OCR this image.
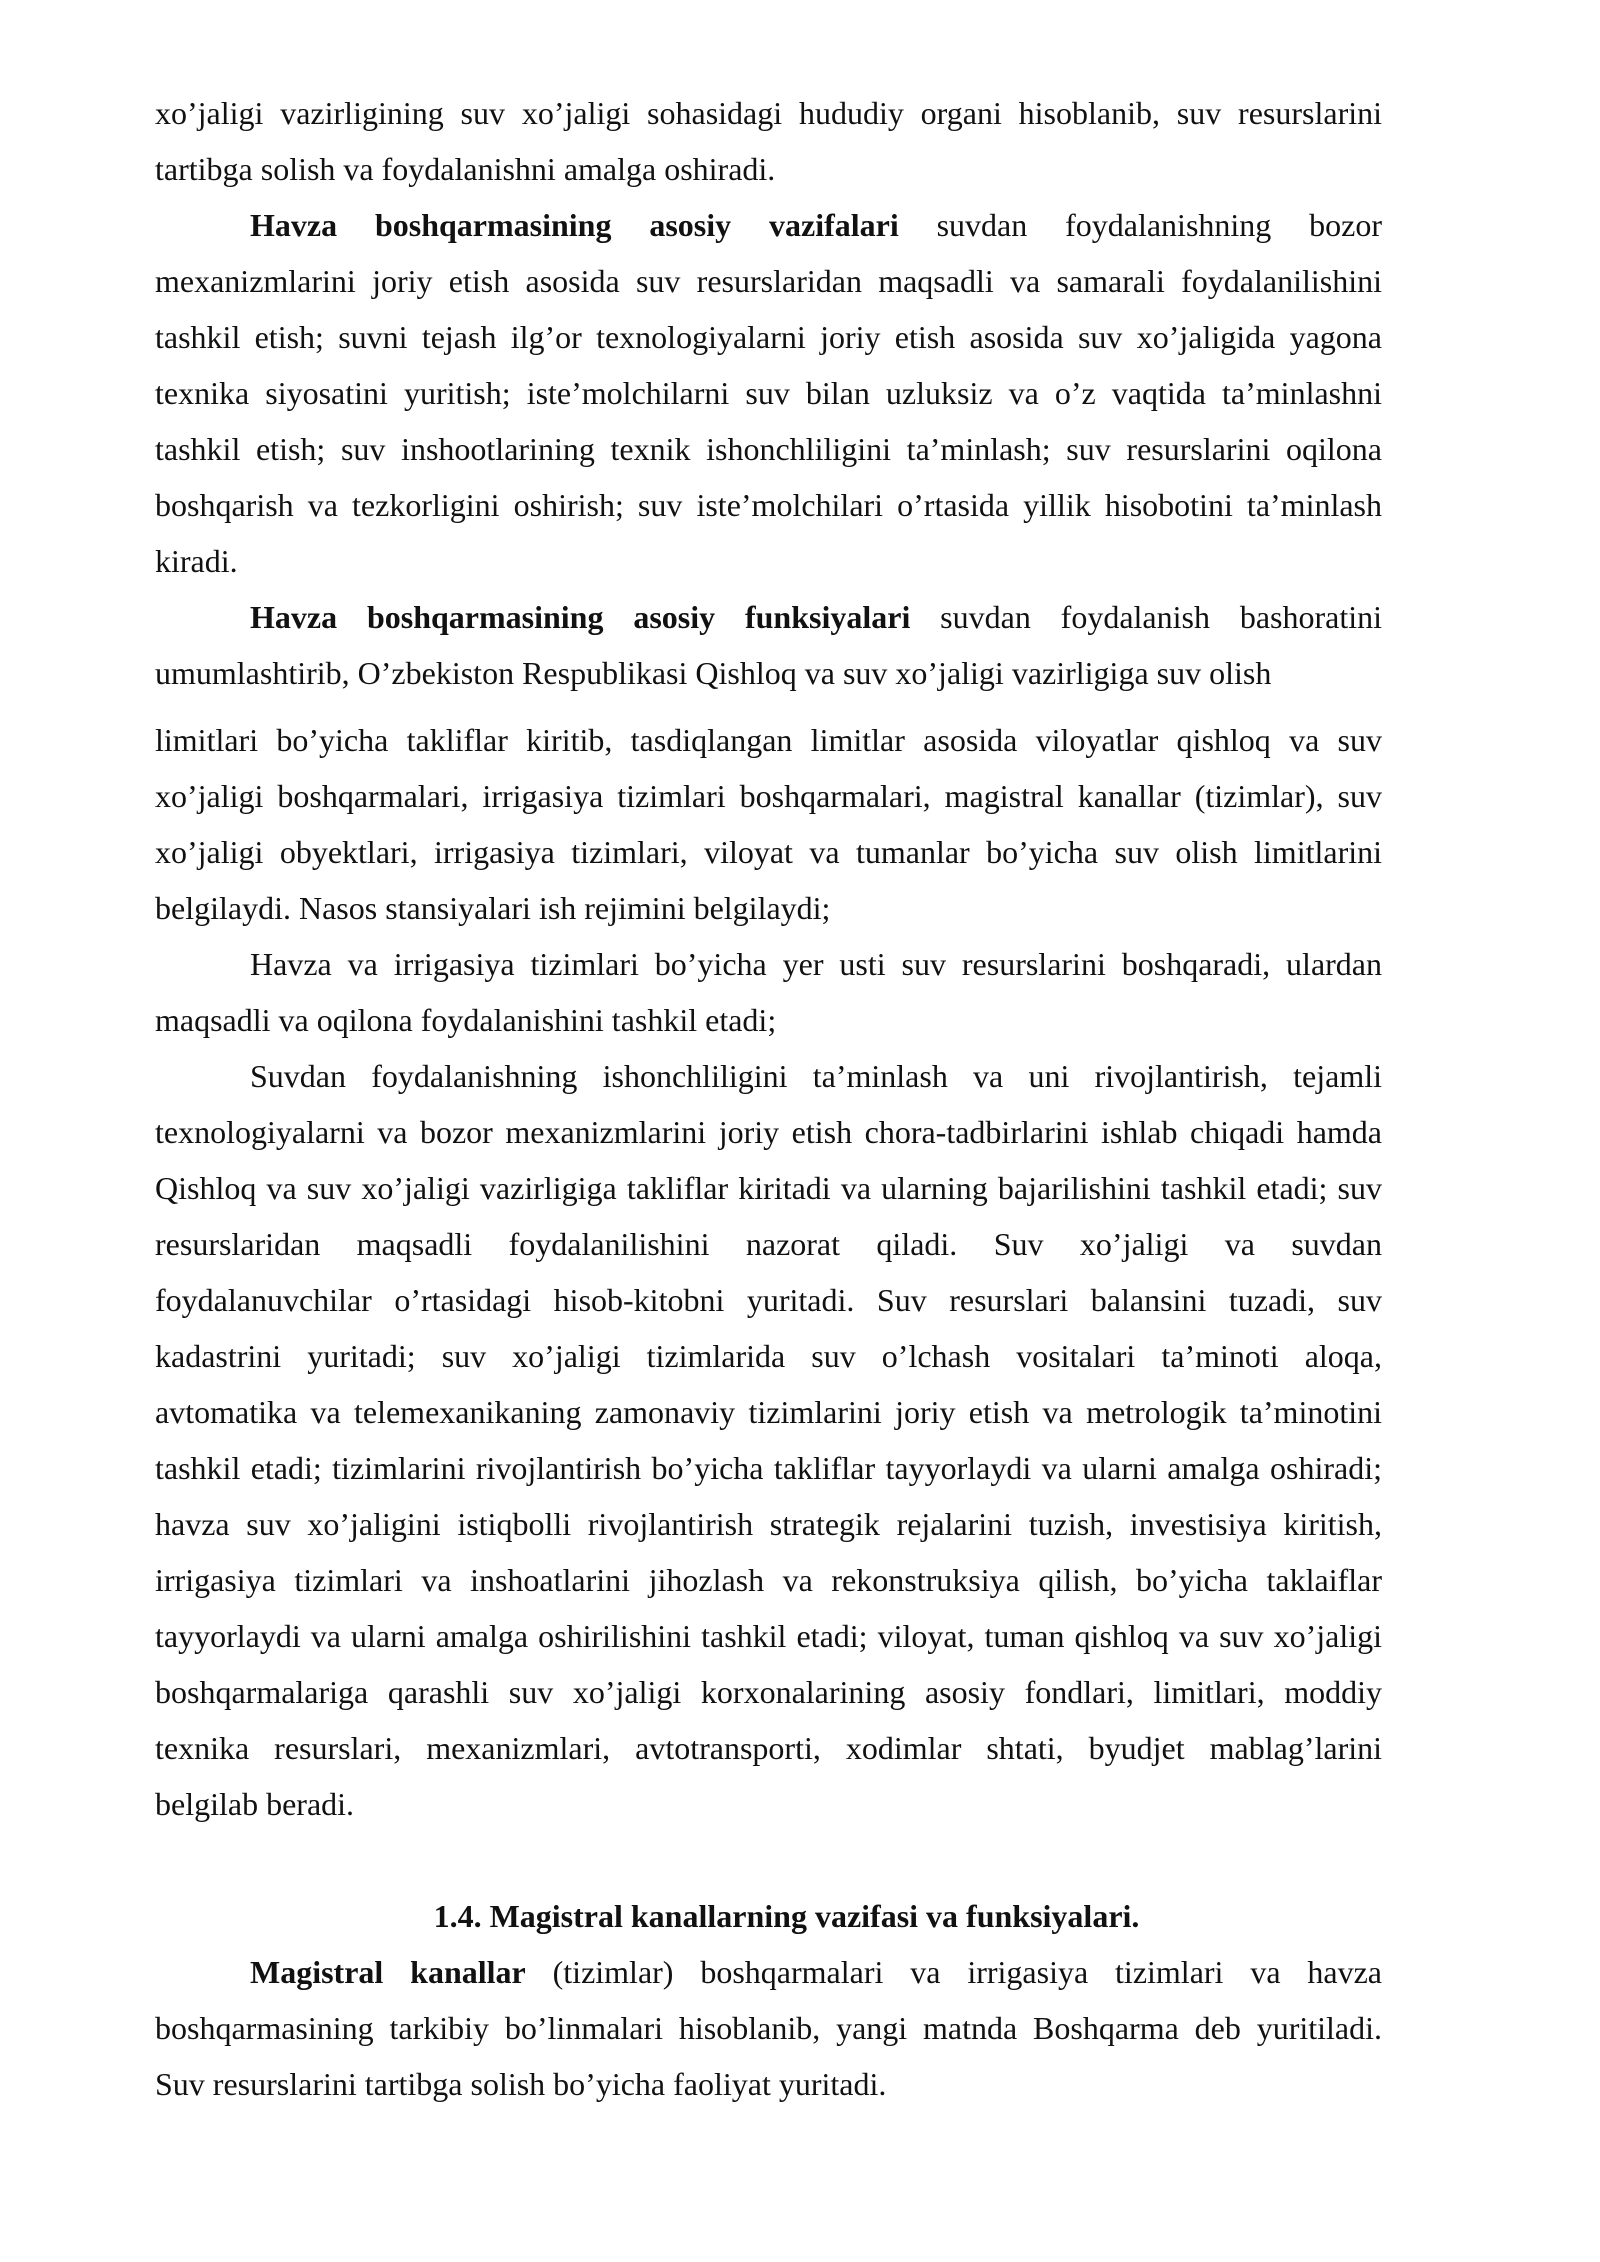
xo’jaligi vazirligining suv xo’jaligi sohasidagi hududiy organi hisoblanib, suv resurslarini
tartibga solish va foydalanishni amalga oshiradi.
Havza boshqarmasining asosiy vazifalari suvdan foydalanishning bozor
mexanizmlarini joriy etish asosida suv resurslaridan maqsadli va samarali foydalanilishini
tashkil etish; suvni tejash ilg’or texnologiyalarni joriy etish asosida suv xo’jaligida yagona
texnika siyosatini yuritish; iste’molchilarni suv bilan uzluksiz va o’z vaqtida ta’minlashni
tashkil etish; suv inshootlarining texnik ishonchliligini ta’minlash; suv resurslarini oqilona
boshqarish va tezkorligini oshirish; suv iste’molchilari o’rtasida yillik hisobotini ta’minlash
kiradi.
Havza boshqarmasining asosiy funksiyalari suvdan foydalanish bashoratini
umumlashtirib, O’zbekiston Respublikasi Qishloq va suv xo’jaligi vazirligiga suv olish
limitlari bo’yicha takliflar kiritib, tasdiqlangan limitlar asosida viloyatlar qishloq va suv
xo’jaligi boshqarmalari, irrigasiya tizimlari boshqarmalari, magistral kanallar (tizimlar), suv
xo’jaligi obyektlari, irrigasiya tizimlari, viloyat va tumanlar bo’yicha suv olish limitlarini
belgilaydi. Nasos stansiyalari ish rejimini belgilaydi;
Havza va irrigasiya tizimlari bo’yicha yer usti suv resurslarini boshqaradi, ulardan
maqsadli va oqilona foydalanishini tashkil etadi;
Suvdan foydalanishning ishonchliligini ta’minlash va uni rivojlantirish, tejamli
texnologiyalarni va bozor mexanizmlarini joriy etish chora-tadbirlarini ishlab chiqadi hamda
Qishloq va suv xo’jaligi vazirligiga takliflar kiritadi va ularning bajarilishini tashkil etadi; suv
resurslaridan maqsadli foydalanilishini nazorat qiladi. Suv xo’jaligi va suvdan
foydalanuvchilar o’rtasidagi hisob-kitobni yuritadi. Suv resurslari balansini tuzadi, suv
kadastrini yuritadi; suv xo’jaligi tizimlarida suv o’lchash vositalari ta’minoti aloqa,
avtomatika va telemexanikaning zamonaviy tizimlarini joriy etish va metrologik ta’minotini
tashkil etadi; tizimlarini rivojlantirish bo’yicha takliflar tayyorlaydi va ularni amalga oshiradi;
havza suv xo’jaligini istiqbolli rivojlantirish strategik rejalarini tuzish, investisiya kiritish,
irrigasiya tizimlari va inshoatlarini jihozlash va rekonstruksiya qilish, bo’yicha taklaiflar
tayyorlaydi va ularni amalga oshirilishini tashkil etadi; viloyat, tuman qishloq va suv xo’jaligi
boshqarmalariga qarashli suv xo’jaligi korxonalarining asosiy fondlari, limitlari, moddiy
texnika resurslari, mexanizmlari, avtotransporti, xodimlar shtati, byudjet mablag’larini
belgilab beradi.
1.4. Magistral kanallarning vazifasi va funksiyalari.
Magistral kanallar (tizimlar) boshqarmalari va irrigasiya tizimlari va havza
boshqarmasining tarkibiy bo’linmalari hisoblanib, yangi matnda Boshqarma deb yuritiladi.
Suv resurslarini tartibga solish bo’yicha faoliyat yuritadi.
